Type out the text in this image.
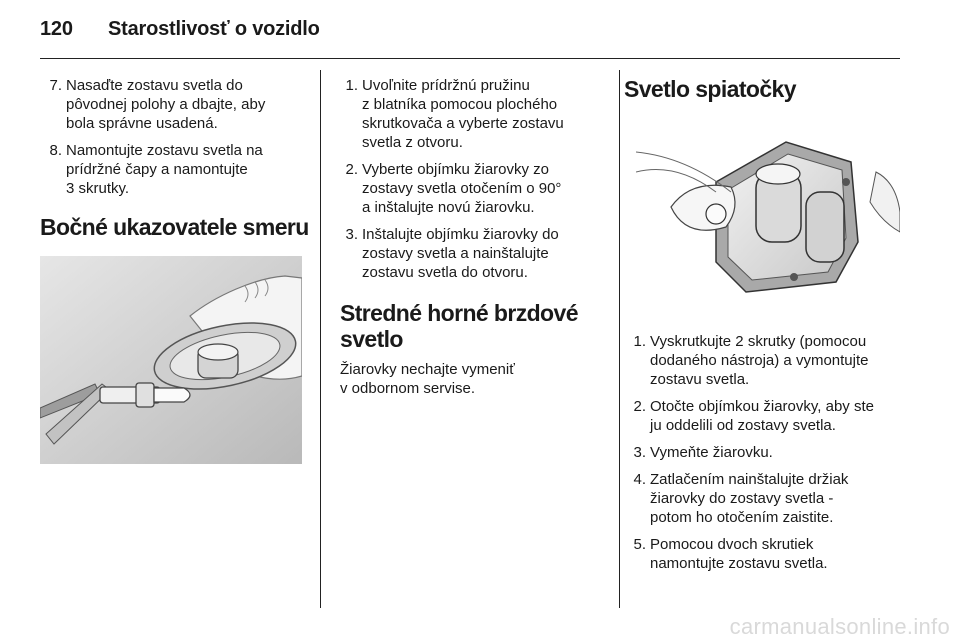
120 Starostlivosť o vozidlo
7. Nasaďte zostavu svetla do
pôvodnej polohy a dbajte, aby
bola správne usadená.
8. Namontujte zostavu svetla na
prídržné čapy a namontujte
3 skrutky.
Bočné ukazovatele smeru
1. Uvoľnite prídržnú pružinu
z blatníka pomocou plochého
skrutkovača a vyberte zostavu
svetla z otvoru.
2. Vyberte objímku žiarovky zo
zostavy svetla otočením o 90°
a inštalujte novú žiarovku.
3. Inštalujte objímku žiarovky do
zostavy svetla a nainštalujte
zostavu svetla do otvoru.
Stredné horné brzdové
svetlo
Žiarovky nechajte vymeniť
v odbornom servise.
Svetlo spiatočky
1. Vyskrutkujte 2 skrutky (pomocou
dodaného nástroja) a vymontujte
zostavu svetla.
2. Otočte objímkou žiarovky, aby ste
ju oddelili od zostavy svetla.
3. Vymeňte žiarovku.
4. Zatlačením nainštalujte držiak
žiarovky do zostavy svetla -
potom ho otočením zaistite.
5. Pomocou dvoch skrutiek
namontujte zostavu svetla.
carmanualsonline.info
